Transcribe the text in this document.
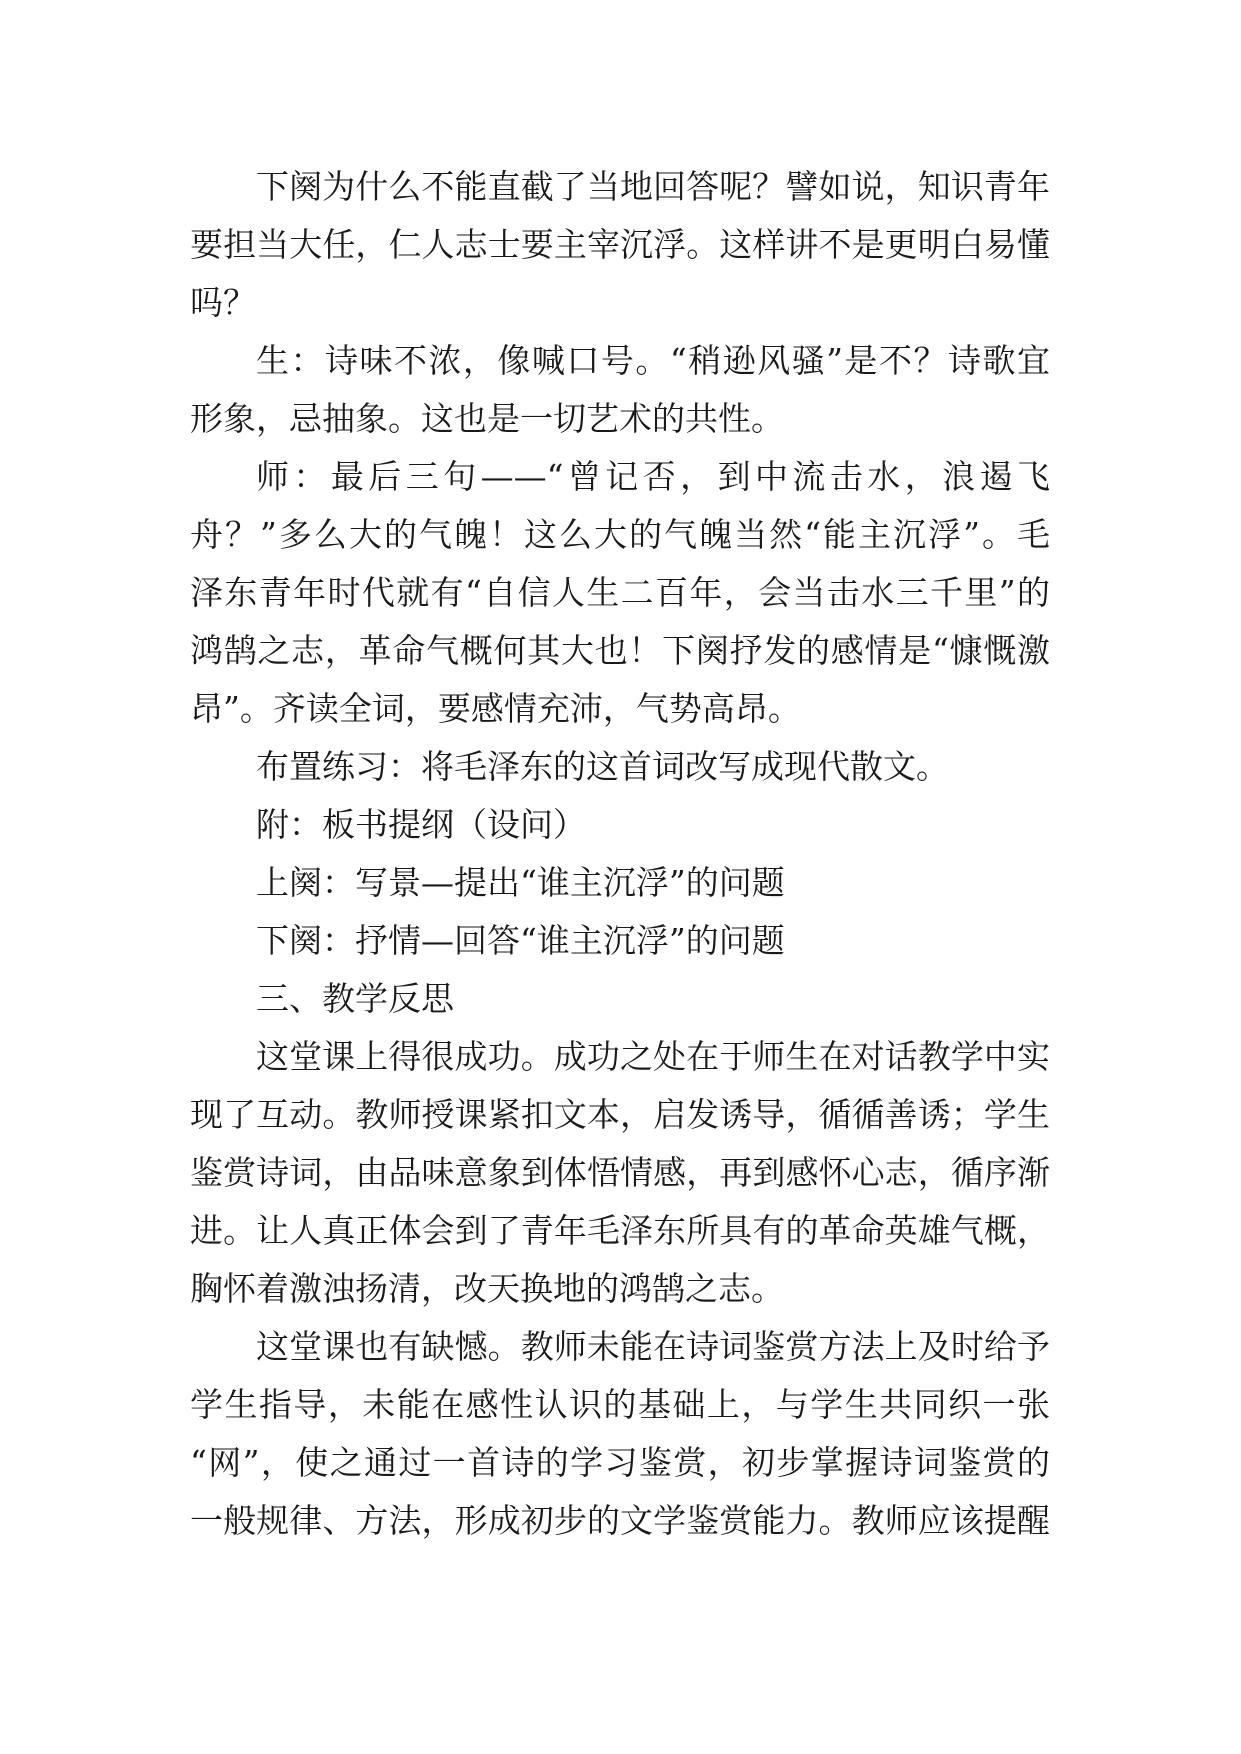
下阕为什么不能直截了当地回答呢？譬如说，知识青年
要担当大任，仁人志士要主宰沉浮。这样讲不是更明白易懂
吗？
生：诗味不浓，像喊口号。“稍逊风骚”是不？诗歌宜
形象，忌抽象。这也是一切艺术的共性。
师：最后三句——“曾记否，到中流击水，浪遏飞
舟？”多么大的气魄！这么大的气魄当然“能主沉浮”。毛
泽东青年时代就有“自信人生二百年，会当击水三千里”的
鸿鹄之志，革命气概何其大也！下阕抒发的感情是“慷慨激
昂”。齐读全词，要感情充沛，气势高昂。
布置练习：将毛泽东的这首词改写成现代散文。
附：板书提纲（设问）
上阕：写景—提出“谁主沉浮”的问题
下阕：抒情—回答“谁主沉浮”的问题
三、教学反思
这堂课上得很成功。成功之处在于师生在对话教学中实
现了互动。教师授课紧扣文本，启发诱导，循循善诱；学生
鉴赏诗词，由品味意象到体悟情感，再到感怀心志，循序渐
进。让人真正体会到了青年毛泽东所具有的革命英雄气概，
胸怀着激浊扬清，改天换地的鸿鹄之志。
这堂课也有缺憾。教师未能在诗词鉴赏方法上及时给予
学生指导，未能在感性认识的基础上，与学生共同织一张
“网”，使之通过一首诗的学习鉴赏，初步掌握诗词鉴赏的
一般规律、方法，形成初步的文学鉴赏能力。教师应该提醒
